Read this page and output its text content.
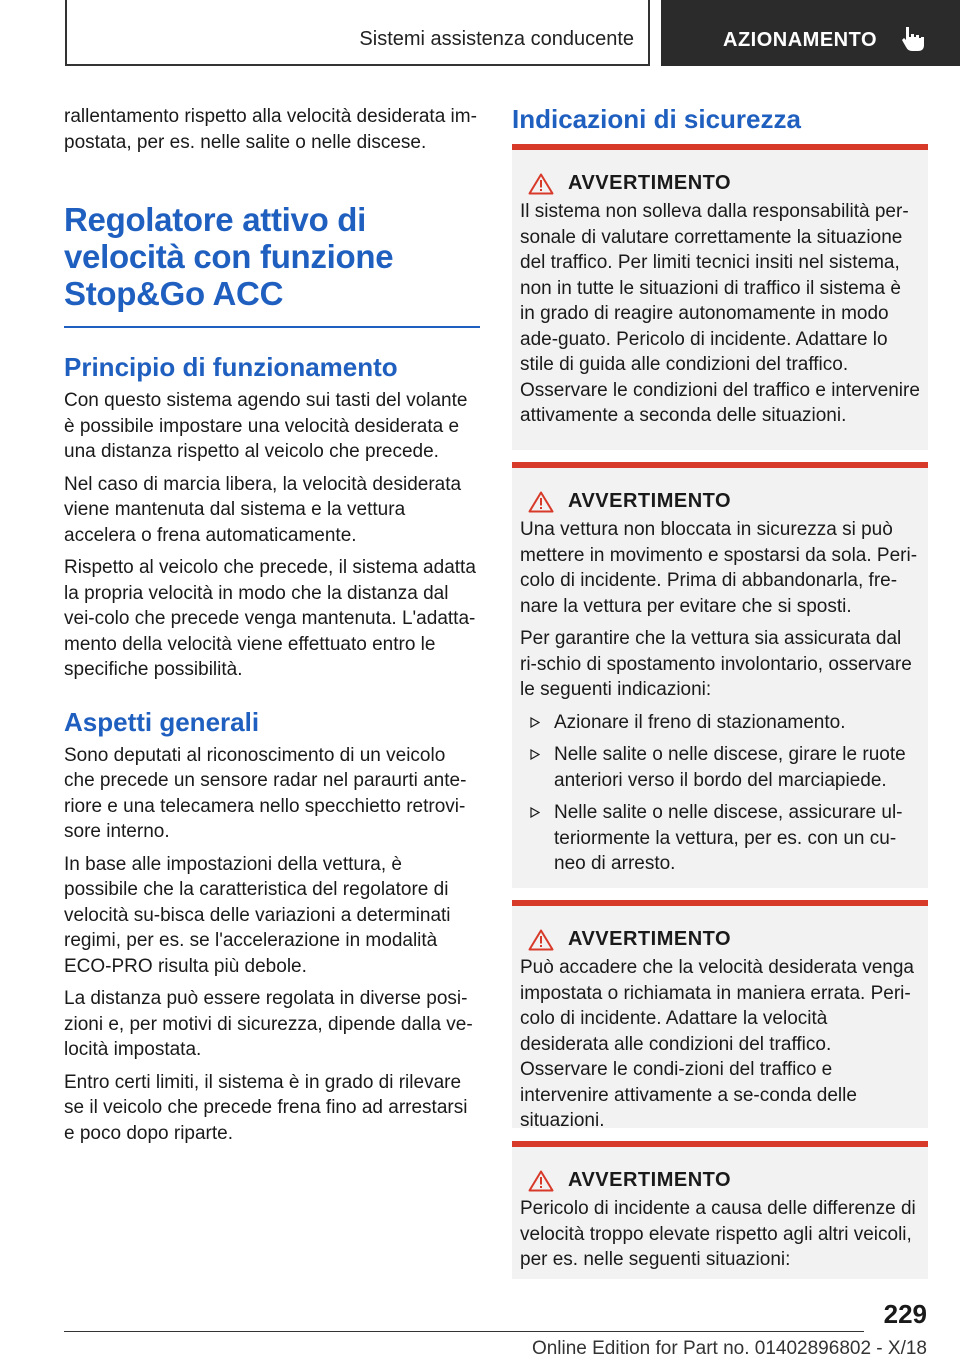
Sistemi assistenza conducente	AZIONAMENTO

rallentamento rispetto alla velocità desiderata im-postata, per es. nelle salite o nelle discese.

Regolatore attivo di
velocità con funzione
Stop&Go ACC
Principio di funzionamento

Con questo sistema agendo sui tasti del volante è possibile impostare una velocità desiderata e una distanza rispetto al veicolo che precede.

Nel caso di marcia libera, la velocità desiderata viene mantenuta dal sistema e la vettura accelera o frena automaticamente.

Rispetto al veicolo che precede, il sistema adatta la propria velocità in modo che la distanza dal vei-colo che precede venga mantenuta. L'adatta-mento della velocità viene effettuato entro le specifiche possibilità.

Aspetti generali

Sono deputati al riconoscimento di un veicolo che precede un sensore radar nel paraurti ante-riore e una telecamera nello specchietto retrovi-sore interno.

In base alle impostazioni della vettura, è possibile che la caratteristica del regolatore di velocità su-bisca delle variazioni a determinati regimi, per es. se l'accelerazione in modalità ECO-PRO risulta più debole.

La distanza può essere regolata in diverse posi-zioni e, per motivi di sicurezza, dipende dalla ve-locità impostata.

Entro certi limiti, il sistema è in grado di rilevare se il veicolo che precede frena fino ad arrestarsi e poco dopo riparte.

Indicazioni di sicurezza
AVVERTIMENTO

Il sistema non solleva dalla responsabilità per-sonale di valutare correttamente la situazione del traffico. Per limiti tecnici insiti nel sistema, non in tutte le situazioni di traffico il sistema è in grado di reagire autonomamente in modo ade-guato. Pericolo di incidente. Adattare lo stile di guida alle condizioni del traffico. Osservare le condizioni del traffico e intervenire attivamente a seconda delle situazioni.

AVVERTIMENTO

Una vettura non bloccata in sicurezza si può mettere in movimento e spostarsi da sola. Peri-colo di incidente. Prima di abbandonarla, fre-nare la vettura per evitare che si sposti.

Per garantire che la vettura sia assicurata dal ri-schio di spostamento involontario, osservare le seguenti indicazioni:

Azionare il freno di stazionamento.
Nelle salite o nelle discese, girare le ruote anteriori verso il bordo del marciapiede.
Nelle salite o nelle discese, assicurare ul-teriormente la vettura, per es. con un cu-neo di arresto.
AVVERTIMENTO

Può accadere che la velocità desiderata venga impostata o richiamata in maniera errata. Peri-colo di incidente. Adattare la velocità desiderata alle condizioni del traffico. Osservare le condi-zioni del traffico e intervenire attivamente a se-conda delle situazioni.

AVVERTIMENTO

Pericolo di incidente a causa delle differenze di velocità troppo elevate rispetto agli altri veicoli, per es. nelle seguenti situazioni:

229
Online Edition for Part no. 01402896802 - X/18
